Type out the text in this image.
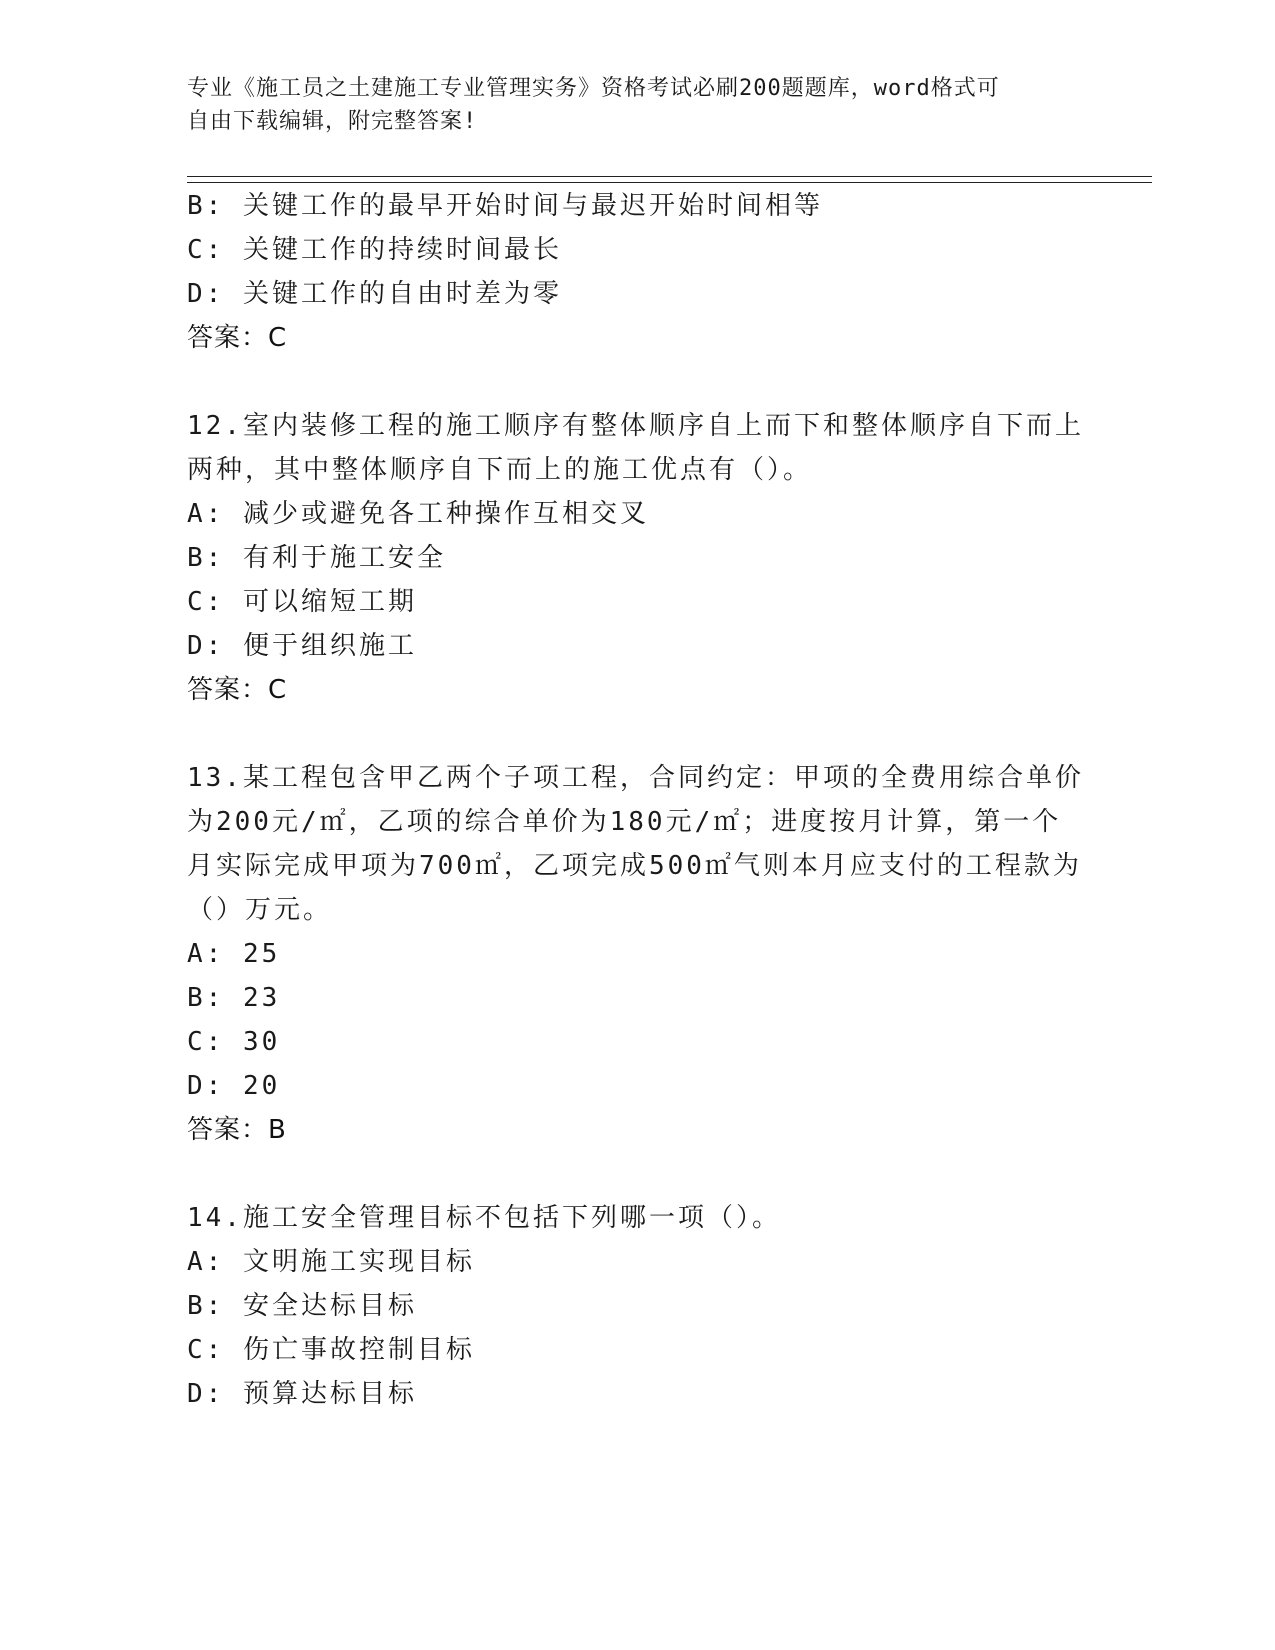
专业《施工员之土建施工专业管理实务》资格考试必刷200题题库，word格式可
自由下载编辑，附完整答案!
B: 关键工作的最早开始时间与最迟开始时间相等
C: 关键工作的持续时间最长
D: 关键工作的自由时差为零
答案：C
12.室内装修工程的施工顺序有整体顺序自上而下和整体顺序自下而上
两种，其中整体顺序自下而上的施工优点有（）。
A: 减少或避免各工种操作互相交叉
B: 有利于施工安全
C: 可以缩短工期
D: 便于组织施工
答案：C
13.某工程包含甲乙两个子项工程，合同约定：甲项的全费用综合单价
为200元/㎡，乙项的综合单价为180元/㎡；进度按月计算，第一个
月实际完成甲项为700㎡，乙项完成500㎡气则本月应支付的工程款为
（）万元。
A: 25
B: 23
C: 30
D: 20
答案：B
14.施工安全管理目标不包括下列哪一项（）。
A: 文明施工实现目标
B: 安全达标目标
C: 伤亡事故控制目标
D: 预算达标目标
